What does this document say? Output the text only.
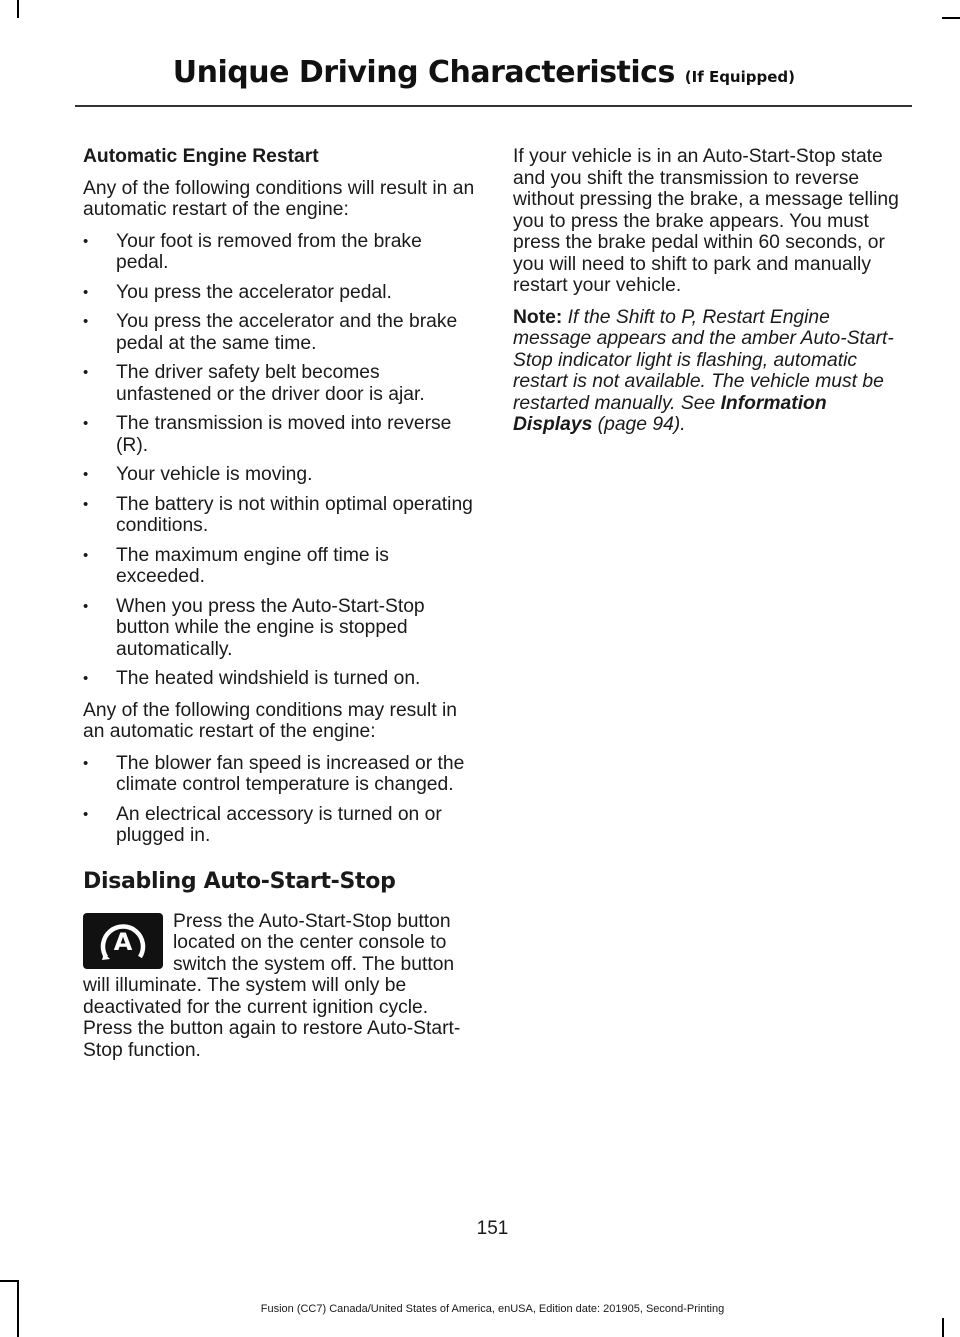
Unique Driving Characteristics (If Equipped)

Automatic Engine Restart

Any of the following conditions will result in an automatic restart of the engine:

• Your foot is removed from the brake pedal.
• You press the accelerator pedal.
• You press the accelerator and the brake pedal at the same time.
• The driver safety belt becomes unfastened or the driver door is ajar.
• The transmission is moved into reverse (R).
• Your vehicle is moving.
• The battery is not within optimal operating conditions.
• The maximum engine off time is exceeded.
• When you press the Auto-Start-Stop button while the engine is stopped automatically.
• The heated windshield is turned on.

Any of the following conditions may result in an automatic restart of the engine:

• The blower fan speed is increased or the climate control temperature is changed.
• An electrical accessory is turned on or plugged in.
Disabling Auto-Start-Stop
A

Press the Auto-Start-Stop button located on the center console to switch the system off. The button will illuminate. The system will only be deactivated for the current ignition cycle. Press the button again to restore Auto-Start-Stop function.

If your vehicle is in an Auto-Start-Stop state and you shift the transmission to reverse without pressing the brake, a message telling you to press the brake appears. You must press the brake pedal within 60 seconds, or you will need to shift to park and manually restart your vehicle.

Note: If the Shift to P, Restart Engine message appears and the amber Auto-Start-Stop indicator light is flashing, automatic restart is not available. The vehicle must be restarted manually. See Information Displays (page 94).

151
Fusion (CC7) Canada/United States of America, enUSA, Edition date: 201905, Second-Printing
